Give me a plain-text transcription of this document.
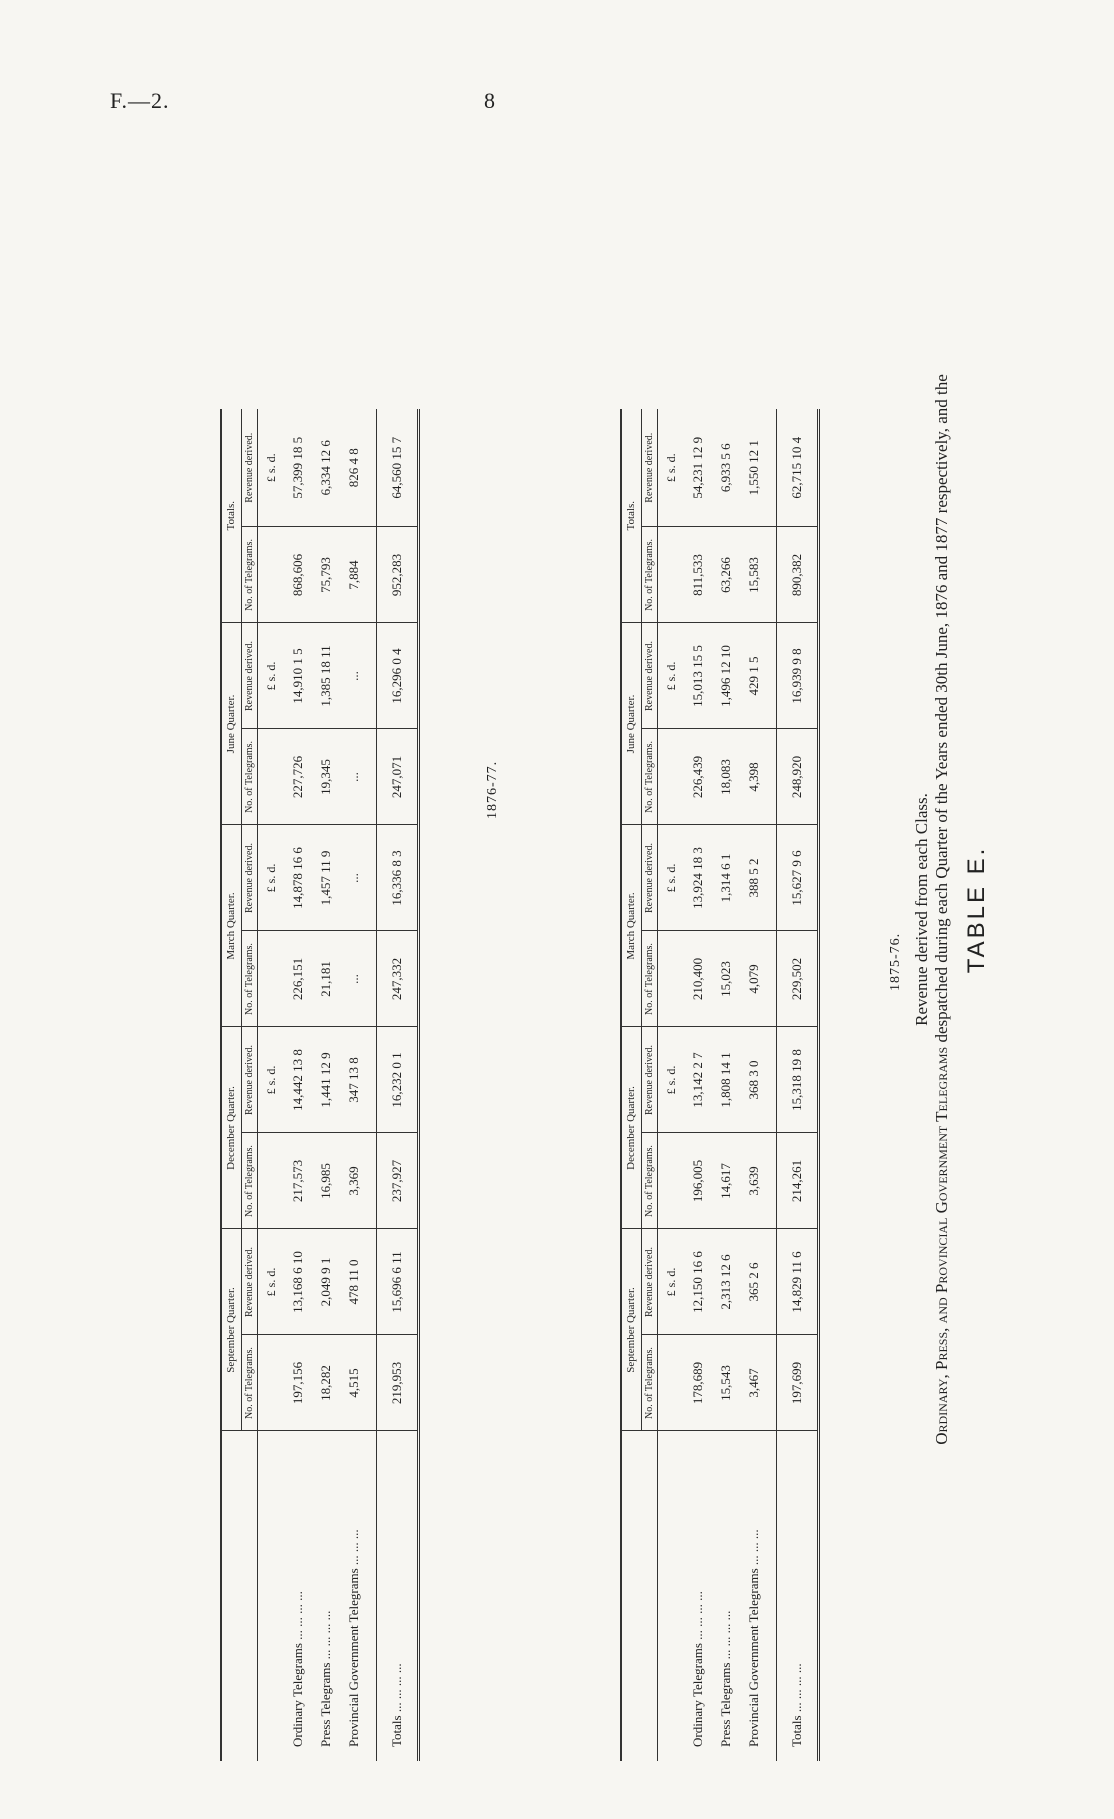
F.—2.	8
TABLE E.
Ordinary, Press, and Provincial Government Telegrams despatched during each Quarter of the Years ended 30th June, 1876 and 1877 respectively, and the
Revenue derived from each Class.
1875-76.
1876-77.
	September Quarter.		December Quarter.		March Quarter.		June Quarter.		Totals.	
	No. of Telegrams.	Revenue derived.	No. of Telegrams.	Revenue derived.	No. of Telegrams.	Revenue derived.	No. of Telegrams.	Revenue derived.	No. of Telegrams.	Revenue derived.
		£ s. d.		£ s. d.		£ s. d.		£ s. d.		£ s. d.
Ordinary Telegrams ... ... ... ...	178,689	12,150 16 6	196,005	13,142 2 7	210,400	13,924 18 3	226,439	15,013 15 5	811,533	54,231 12 9
Press Telegrams ... ... ... ...	15,543	2,313 12 6	14,617	1,808 14 1	15,023	1,314 6 1	18,083	1,496 12 10	63,266	6,933 5 6
Provincial Government Telegrams ... ... ...	3,467	365 2 6	3,639	368 3 0	4,079	388 5 2	4,398	429 1 5	15,583	1,550 12 1

Totals ... ... ... ...	197,699	14,829 11 6	214,261	15,318 19 8	229,502	15,627 9 6	248,920	16,939 9 8	890,382	62,715 10 4
	September Quarter.		December Quarter.		March Quarter.		June Quarter.		Totals.	
	No. of Telegrams.	Revenue derived.	No. of Telegrams.	Revenue derived.	No. of Telegrams.	Revenue derived.	No. of Telegrams.	Revenue derived.	No. of Telegrams.	Revenue derived.
		£ s. d.		£ s. d.		£ s. d.		£ s. d.		£ s. d.
Ordinary Telegrams ... ... ... ...	197,156	13,168 6 10	217,573	14,442 13 8	226,151	14,878 16 6	227,726	14,910 1 5	868,606	57,399 18 5
Press Telegrams ... ... ... ...	18,282	2,049 9 1	16,985	1,441 12 9	21,181	1,457 11 9	19,345	1,385 18 11	75,793	6,334 12 6
Provincial Government Telegrams ... ... ...	4,515	478 11 0	3,369	347 13 8	...	...	...	...	7,884	826 4 8

Totals ... ... ... ...	219,953	15,696 6 11	237,927	16,232 0 1	247,332	16,336 8 3	247,071	16,296 0 4	952,283	64,560 15 7
